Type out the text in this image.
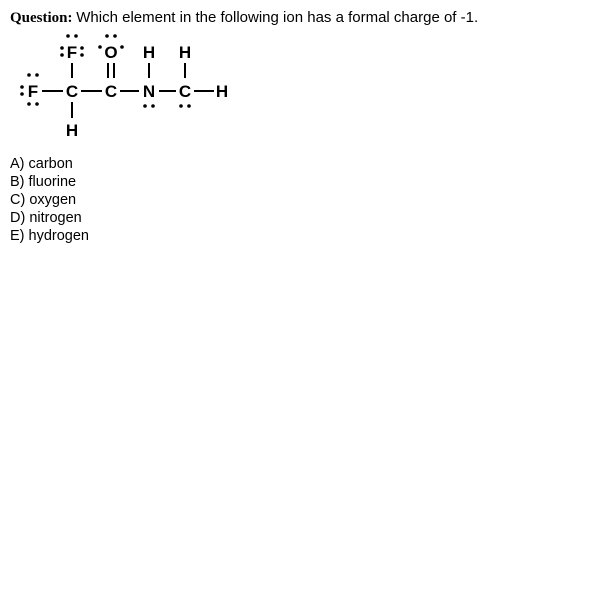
Question: Which element in the following ion has a formal charge of -1.
F O H H
F C C N C H
H
A) carbon
B) fluorine
C) oxygen
D) nitrogen
E) hydrogen
